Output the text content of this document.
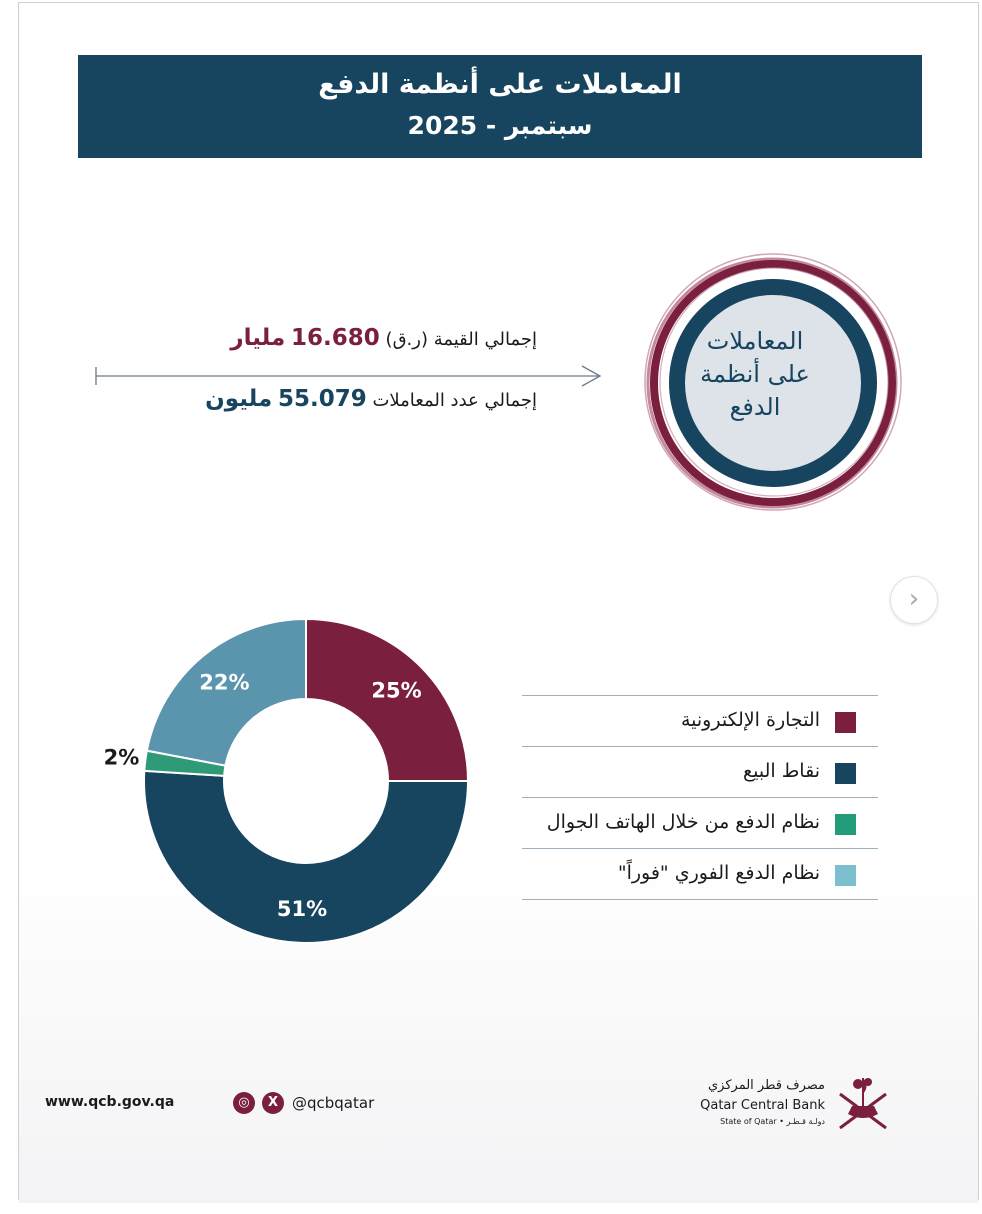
المعاملات على أنظمة الدفع
سبتمبر - 2025
إجمالي القيمة (ر.ق) 16.680 مليار
إجمالي عدد المعاملات 55.079 مليون
المعاملات
على أنظمة
الدفع
›
25%
51%
2%
22%
التجارة الإلكترونية
نقاط البيع
نظام الدفع من خلال الهاتف الجوال
نظام الدفع الفوري "فوراً"
www.qcb.gov.qa	◎	X @qcbqatar
مصرف قطر المركزي
Qatar Central Bank
State of Qatar • دولـة قـطـر
